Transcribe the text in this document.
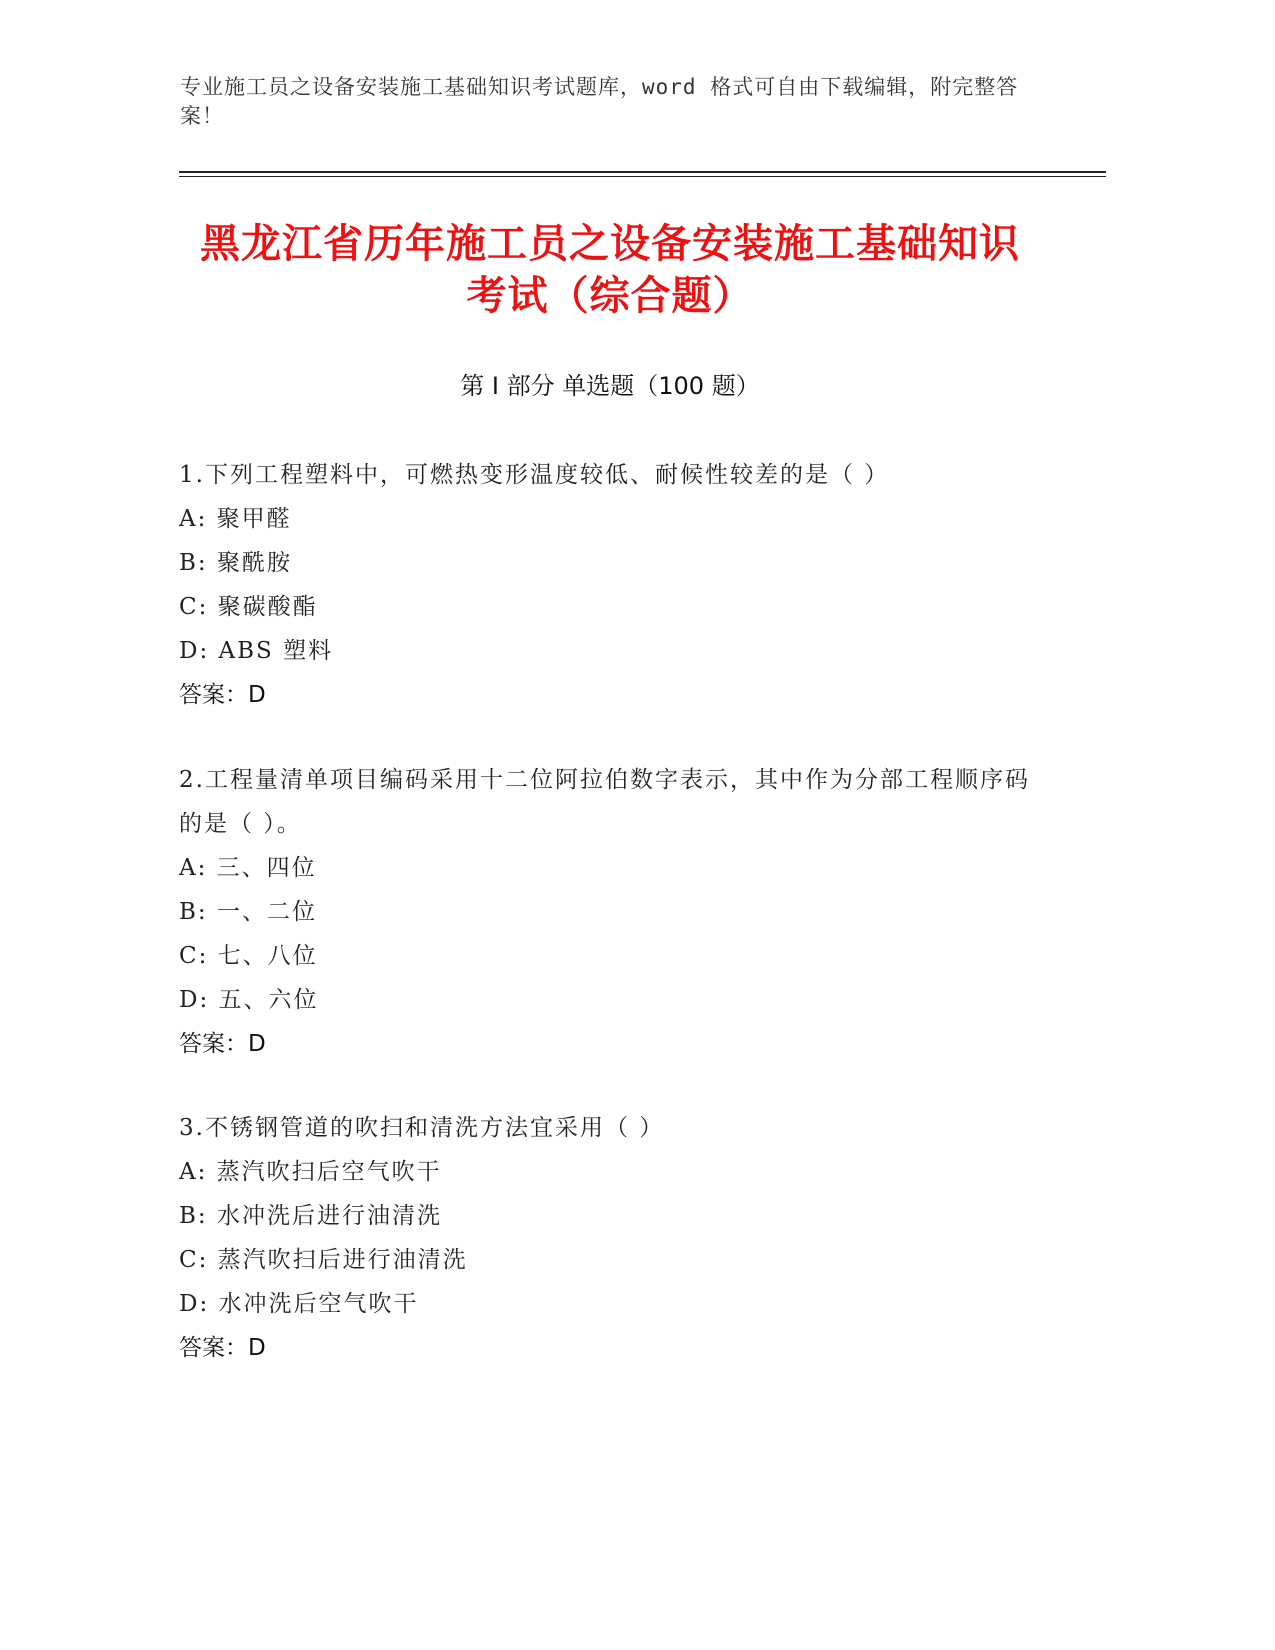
专业施工员之设备安装施工基础知识考试题库，word 格式可自由下载编辑，附完整答案！
黑龙江省历年施工员之设备安装施工基础知识考试（综合题）
第 I 部分 单选题（100 题）

1.下列工程塑料中，可燃热变形温度较低、耐候性较差的是（ ）

A: 聚甲醛

B: 聚酰胺

C: 聚碳酸酯

D: ABS 塑料

答案：D

2.工程量清单项目编码采用十二位阿拉伯数字表示，其中作为分部工程顺序码的是（ ）。

A: 三、四位

B: 一、二位

C: 七、八位

D: 五、六位

答案：D

3.不锈钢管道的吹扫和清洗方法宜采用（ ）

A: 蒸汽吹扫后空气吹干

B: 水冲洗后进行油清洗

C: 蒸汽吹扫后进行油清洗

D: 水冲洗后空气吹干

答案：D
